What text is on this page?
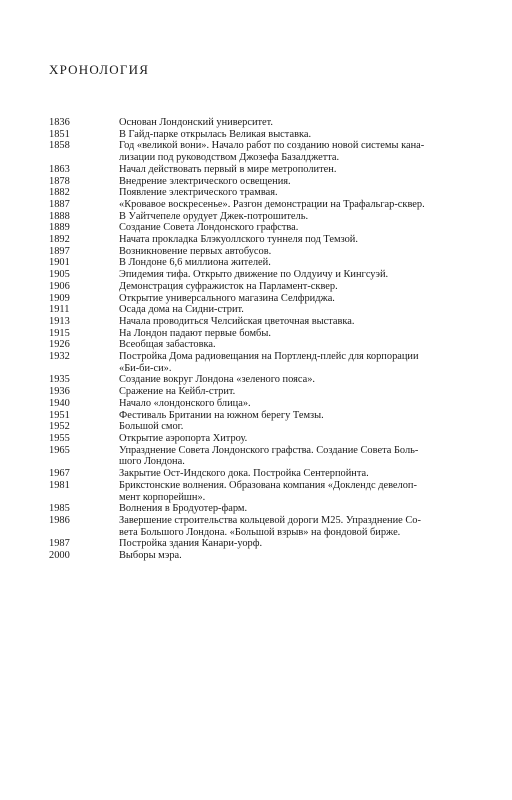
ХРОНОЛОГИЯ
1836	Основан Лондонский университет.
1851	В Гайд-парке открылась Великая выставка.
1858	Год «великой вони». Начало работ по созданию новой системы кана-
лизации под руководством Джозефа Базалджетта.
1863	Начал действовать первый в мире метрополитен.
1878	Внедрение электрического освещения.
1882	Появление электрического трамвая.
1887	«Кровавое воскресенье». Разгон демонстрации на Трафальгар-сквер.
1888	В Уайтчепеле орудует Джек-потрошитель.
1889	Создание Совета Лондонского графства.
1892	Начата прокладка Блэкуоллского туннеля под Темзой.
1897	Возникновение первых автобусов.
1901	В Лондоне 6,6 миллиона жителей.
1905	Эпидемия тифа. Открыто движение по Олдуичу и Кингсуэй.
1906	Демонстрация суфражисток на Парламент-сквер.
1909	Открытие универсального магазина Селфриджа.
1911	Осада дома на Сидни-стрит.
1913	Начала проводиться Челсийская цветочная выставка.
1915	На Лондон падают первые бомбы.
1926	Всеобщая забастовка.
1932	Постройка Дома радиовещания на Портленд-плейс для корпорации
«Би-би-си».
1935	Создание вокруг Лондона «зеленого пояса».
1936	Сражение на Кейбл-стрит.
1940	Начало «лондонского блица».
1951	Фестиваль Британии на южном берегу Темзы.
1952	Большой смог.
1955	Открытие аэропорта Хитроу.
1965	Упразднение Совета Лондонского графства. Создание Совета Боль-
шого Лондона.
1967	Закрытие Ост-Индского дока. Постройка Сентерпойнта.
1981	Брикстонские волнения. Образована компания «Доклендс девелоп-
мент корпорейшн».
1985	Волнения в Бродуотер-фарм.
1986	Завершение строительства кольцевой дороги M25. Упразднение Со-
вета Большого Лондона. «Большой взрыв» на фондовой бирже.
1987	Постройка здания Канари-уорф.
2000	Выборы мэра.
